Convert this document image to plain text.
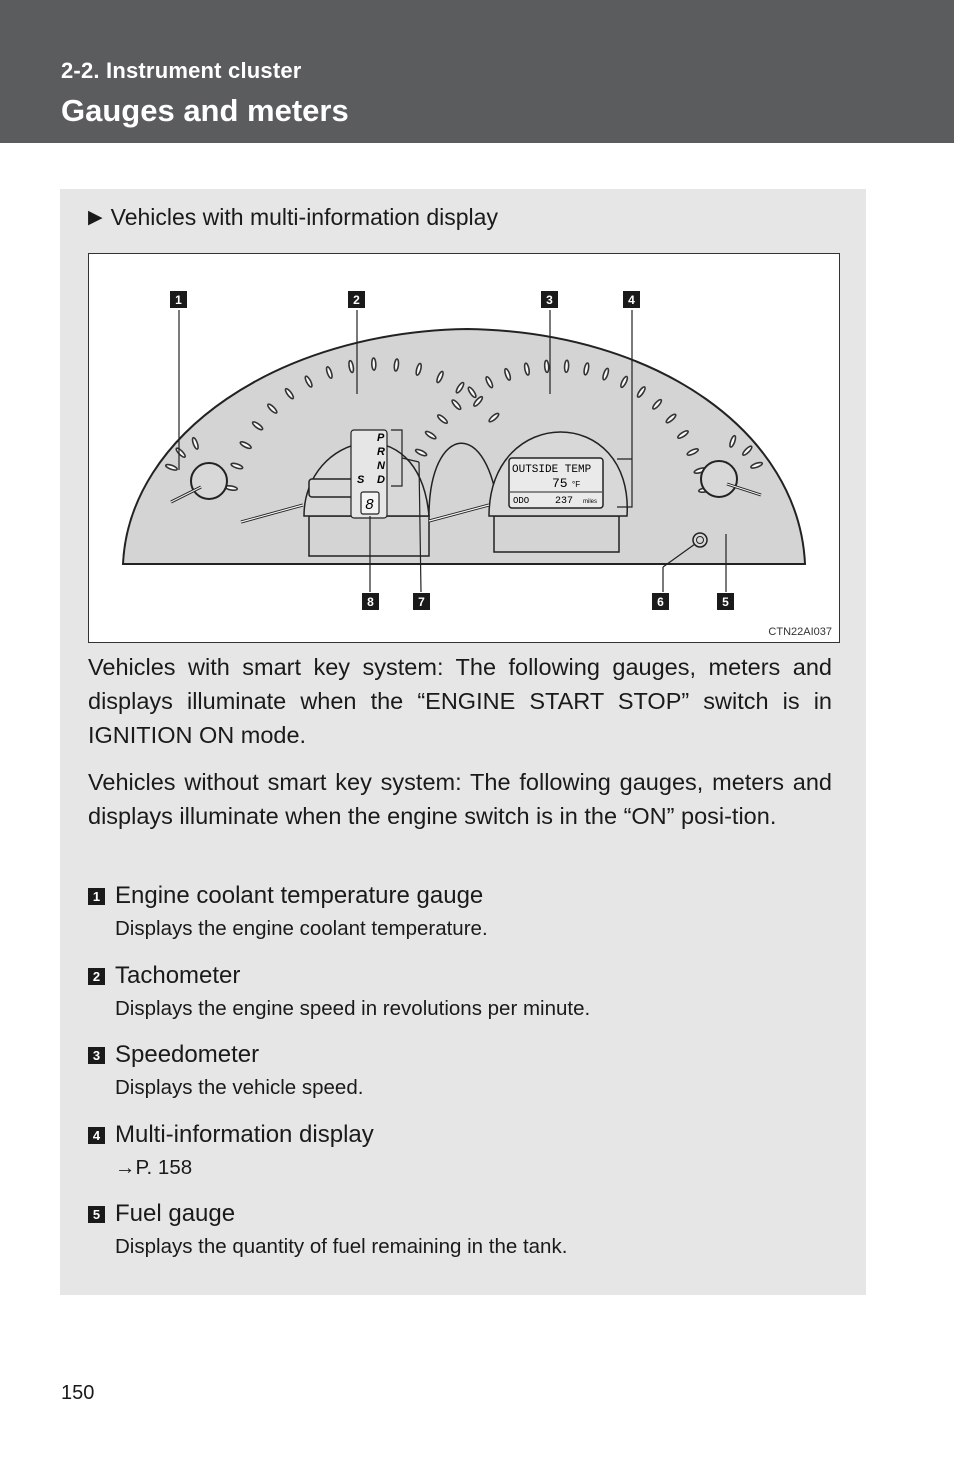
2-2. Instrument cluster
Gauges and meters
▶ Vehicles with multi-information display
P
R
N
D
S
8
OUTSIDE TEMP
75 °F
ODO	237 miles
1	2	3	4
5
6
7
8
CTN22AI037
Vehicles with smart key system: The following gauges, meters and displays illuminate when the “ENGINE START STOP” switch is in IGNITION ON mode.
Vehicles without smart key system: The following gauges, meters and displays illuminate when the engine switch is in the “ON” posi-tion.
1 Engine coolant temperature gauge
Displays the engine coolant temperature.
2 Tachometer
Displays the engine speed in revolutions per minute.
3 Speedometer
Displays the vehicle speed.
4 Multi-information display
→P. 158
5 Fuel gauge
Displays the quantity of fuel remaining in the tank.
150
